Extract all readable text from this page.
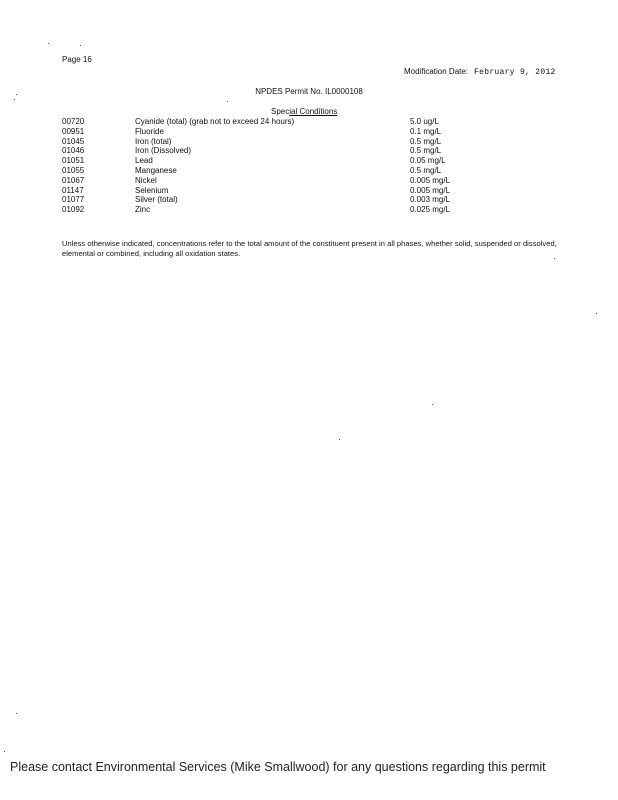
Page 16
Modification Date: February 9, 2012
NPDES Permit No. IL0000108
Special Conditions
00720	Cyanide (total) (grab not to exceed 24 hours)	5.0 ug/L
00951	Fluoride	0.1 mg/L
01045	Iron (total)	0.5 mg/L
01046	Iron (Dissolved)	0.5 mg/L
01051	Lead	0.05 mg/L
01055	Manganese	0.5 mg/L
01067	Nickel	0.005 mg/L
01147	Selenium	0.005 mg/L
01077	Silver (total)	0.003 mg/L
01092	Zinc	0.025 mg/L
Unless otherwise indicated, concentrations refer to the total amount of the constituent present in all phases, whether solid, suspended or dissolved, elemental or combined, including all oxidation states.
Please contact Environmental Services (Mike Smallwood) for any questions regarding this permit
